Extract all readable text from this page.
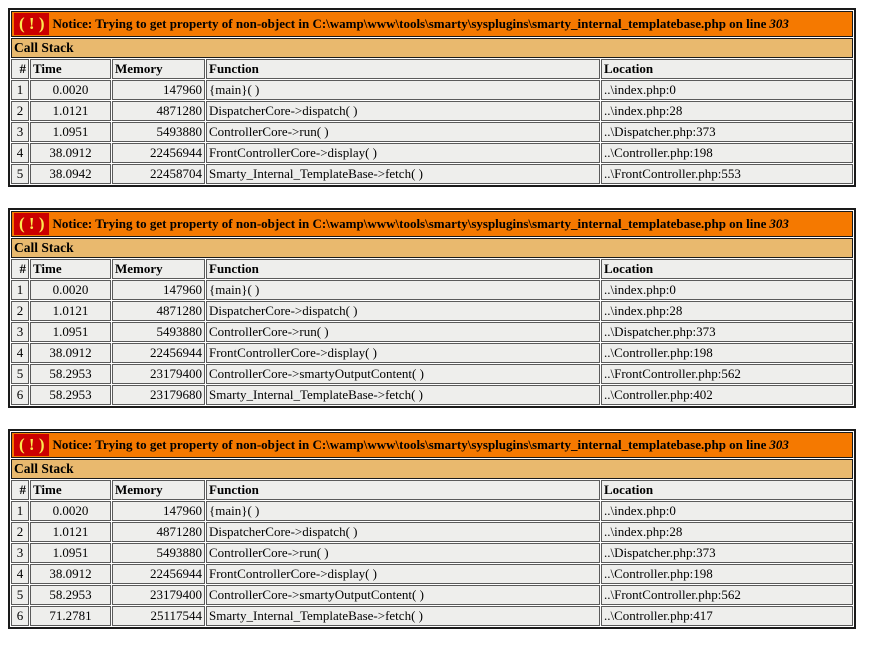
( ! ) Notice: Trying to get property of non-object in C:\wamp\www\tools\smarty\sysplugins\smarty_internal_templatebase.php on line 303				
Call Stack				
#	Time	Memory	Function	Location
1	0.0020	147960	{main}( )	..\index.php:0
2	1.0121	4871280	DispatcherCore->dispatch( )	..\index.php:28
3	1.0951	5493880	ControllerCore->run( )	..\Dispatcher.php:373
4	38.0912	22456944	FrontControllerCore->display( )	..\Controller.php:198
5	38.0942	22458704	Smarty_Internal_TemplateBase->fetch( )	..\FrontController.php:553
( ! ) Notice: Trying to get property of non-object in C:\wamp\www\tools\smarty\sysplugins\smarty_internal_templatebase.php on line 303				
Call Stack				
#	Time	Memory	Function	Location
1	0.0020	147960	{main}( )	..\index.php:0
2	1.0121	4871280	DispatcherCore->dispatch( )	..\index.php:28
3	1.0951	5493880	ControllerCore->run( )	..\Dispatcher.php:373
4	38.0912	22456944	FrontControllerCore->display( )	..\Controller.php:198
5	58.2953	23179400	ControllerCore->smartyOutputContent( )	..\FrontController.php:562
6	58.2953	23179680	Smarty_Internal_TemplateBase->fetch( )	..\Controller.php:402
( ! ) Notice: Trying to get property of non-object in C:\wamp\www\tools\smarty\sysplugins\smarty_internal_templatebase.php on line 303				
Call Stack				
#	Time	Memory	Function	Location
1	0.0020	147960	{main}( )	..\index.php:0
2	1.0121	4871280	DispatcherCore->dispatch( )	..\index.php:28
3	1.0951	5493880	ControllerCore->run( )	..\Dispatcher.php:373
4	38.0912	22456944	FrontControllerCore->display( )	..\Controller.php:198
5	58.2953	23179400	ControllerCore->smartyOutputContent( )	..\FrontController.php:562
6	71.2781	25117544	Smarty_Internal_TemplateBase->fetch( )	..\Controller.php:417
